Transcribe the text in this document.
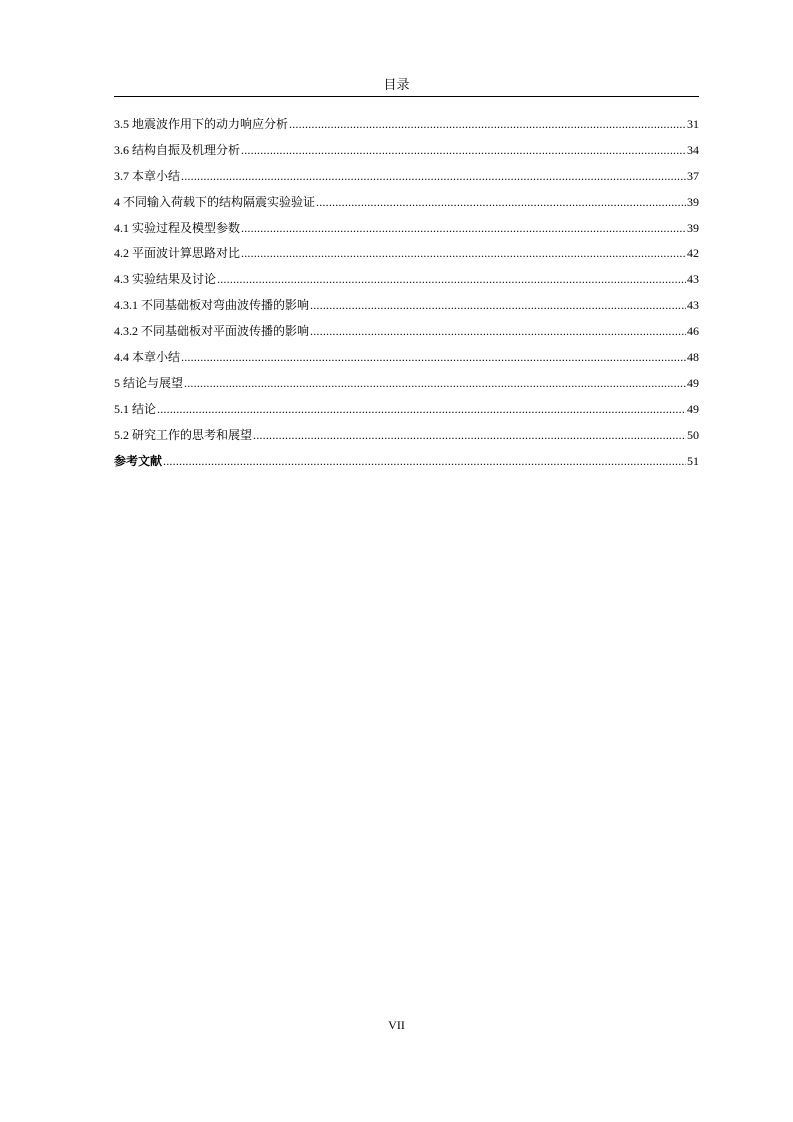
目录
3.5 地震波作用下的动力响应分析 .....	31
3.6 结构自振及机理分析 .....	34
3.7 本章小结 .....	37
4 不同输入荷载下的结构隔震实验验证 .....	39
4.1 实验过程及模型参数 .....	39
4.2 平面波计算思路对比 .....	42
4.3 实验结果及讨论 .....	43
4.3.1 不同基础板对弯曲波传播的影响 .....	43
4.3.2 不同基础板对平面波传播的影响 .....	46
4.4 本章小结 .....	48
5 结论与展望 .....	49
5.1 结论 .....	49
5.2 研究工作的思考和展望 .....	50
参考文献 .....	51
VII
